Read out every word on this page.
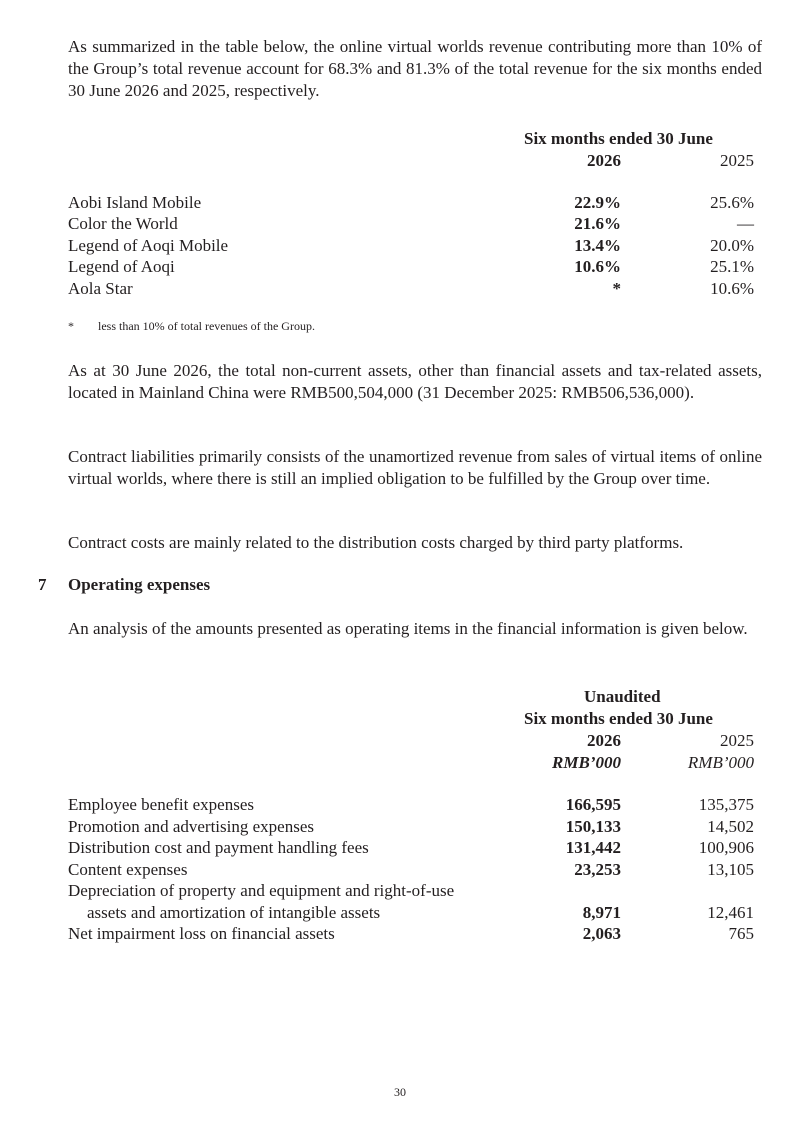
As summarized in the table below, the online virtual worlds revenue contributing more than 10% of the Group’s total revenue account for 68.3% and 81.3% of the total revenue for the six months ended 30 June 2026 and 2025, respectively.

Six months ended 30 June
2026	2025
Aobi Island Mobile	22.9%	25.6%
Color the World	21.6%	—
Legend of Aoqi Mobile	13.4%	20.0%
Legend of Aoqi	10.6%	25.1%
Aola Star	*	10.6%
* less than 10% of total revenues of the Group.

As at 30 June 2026, the total non-current assets, other than financial assets and tax-related assets, located in Mainland China were RMB500,504,000 (31 December 2025: RMB506,536,000).

Contract liabilities primarily consists of the unamortized revenue from sales of virtual items of online virtual worlds, where there is still an implied obligation to be fulfilled by the Group over time.

Contract costs are mainly related to the distribution costs charged by third party platforms.

7 Operating expenses

An analysis of the amounts presented as operating items in the financial information is given below.

Unaudited
Six months ended 30 June
2026	2025
RMB’000	RMB’000
Employee benefit expenses	166,595	135,375
Promotion and advertising expenses	150,133	14,502
Distribution cost and payment handling fees	131,442	100,906
Content expenses	23,253	13,105
Depreciation of property and equipment and right-of-use
assets and amortization of intangible assets	8,971	12,461
Net impairment loss on financial assets	2,063	765
30
